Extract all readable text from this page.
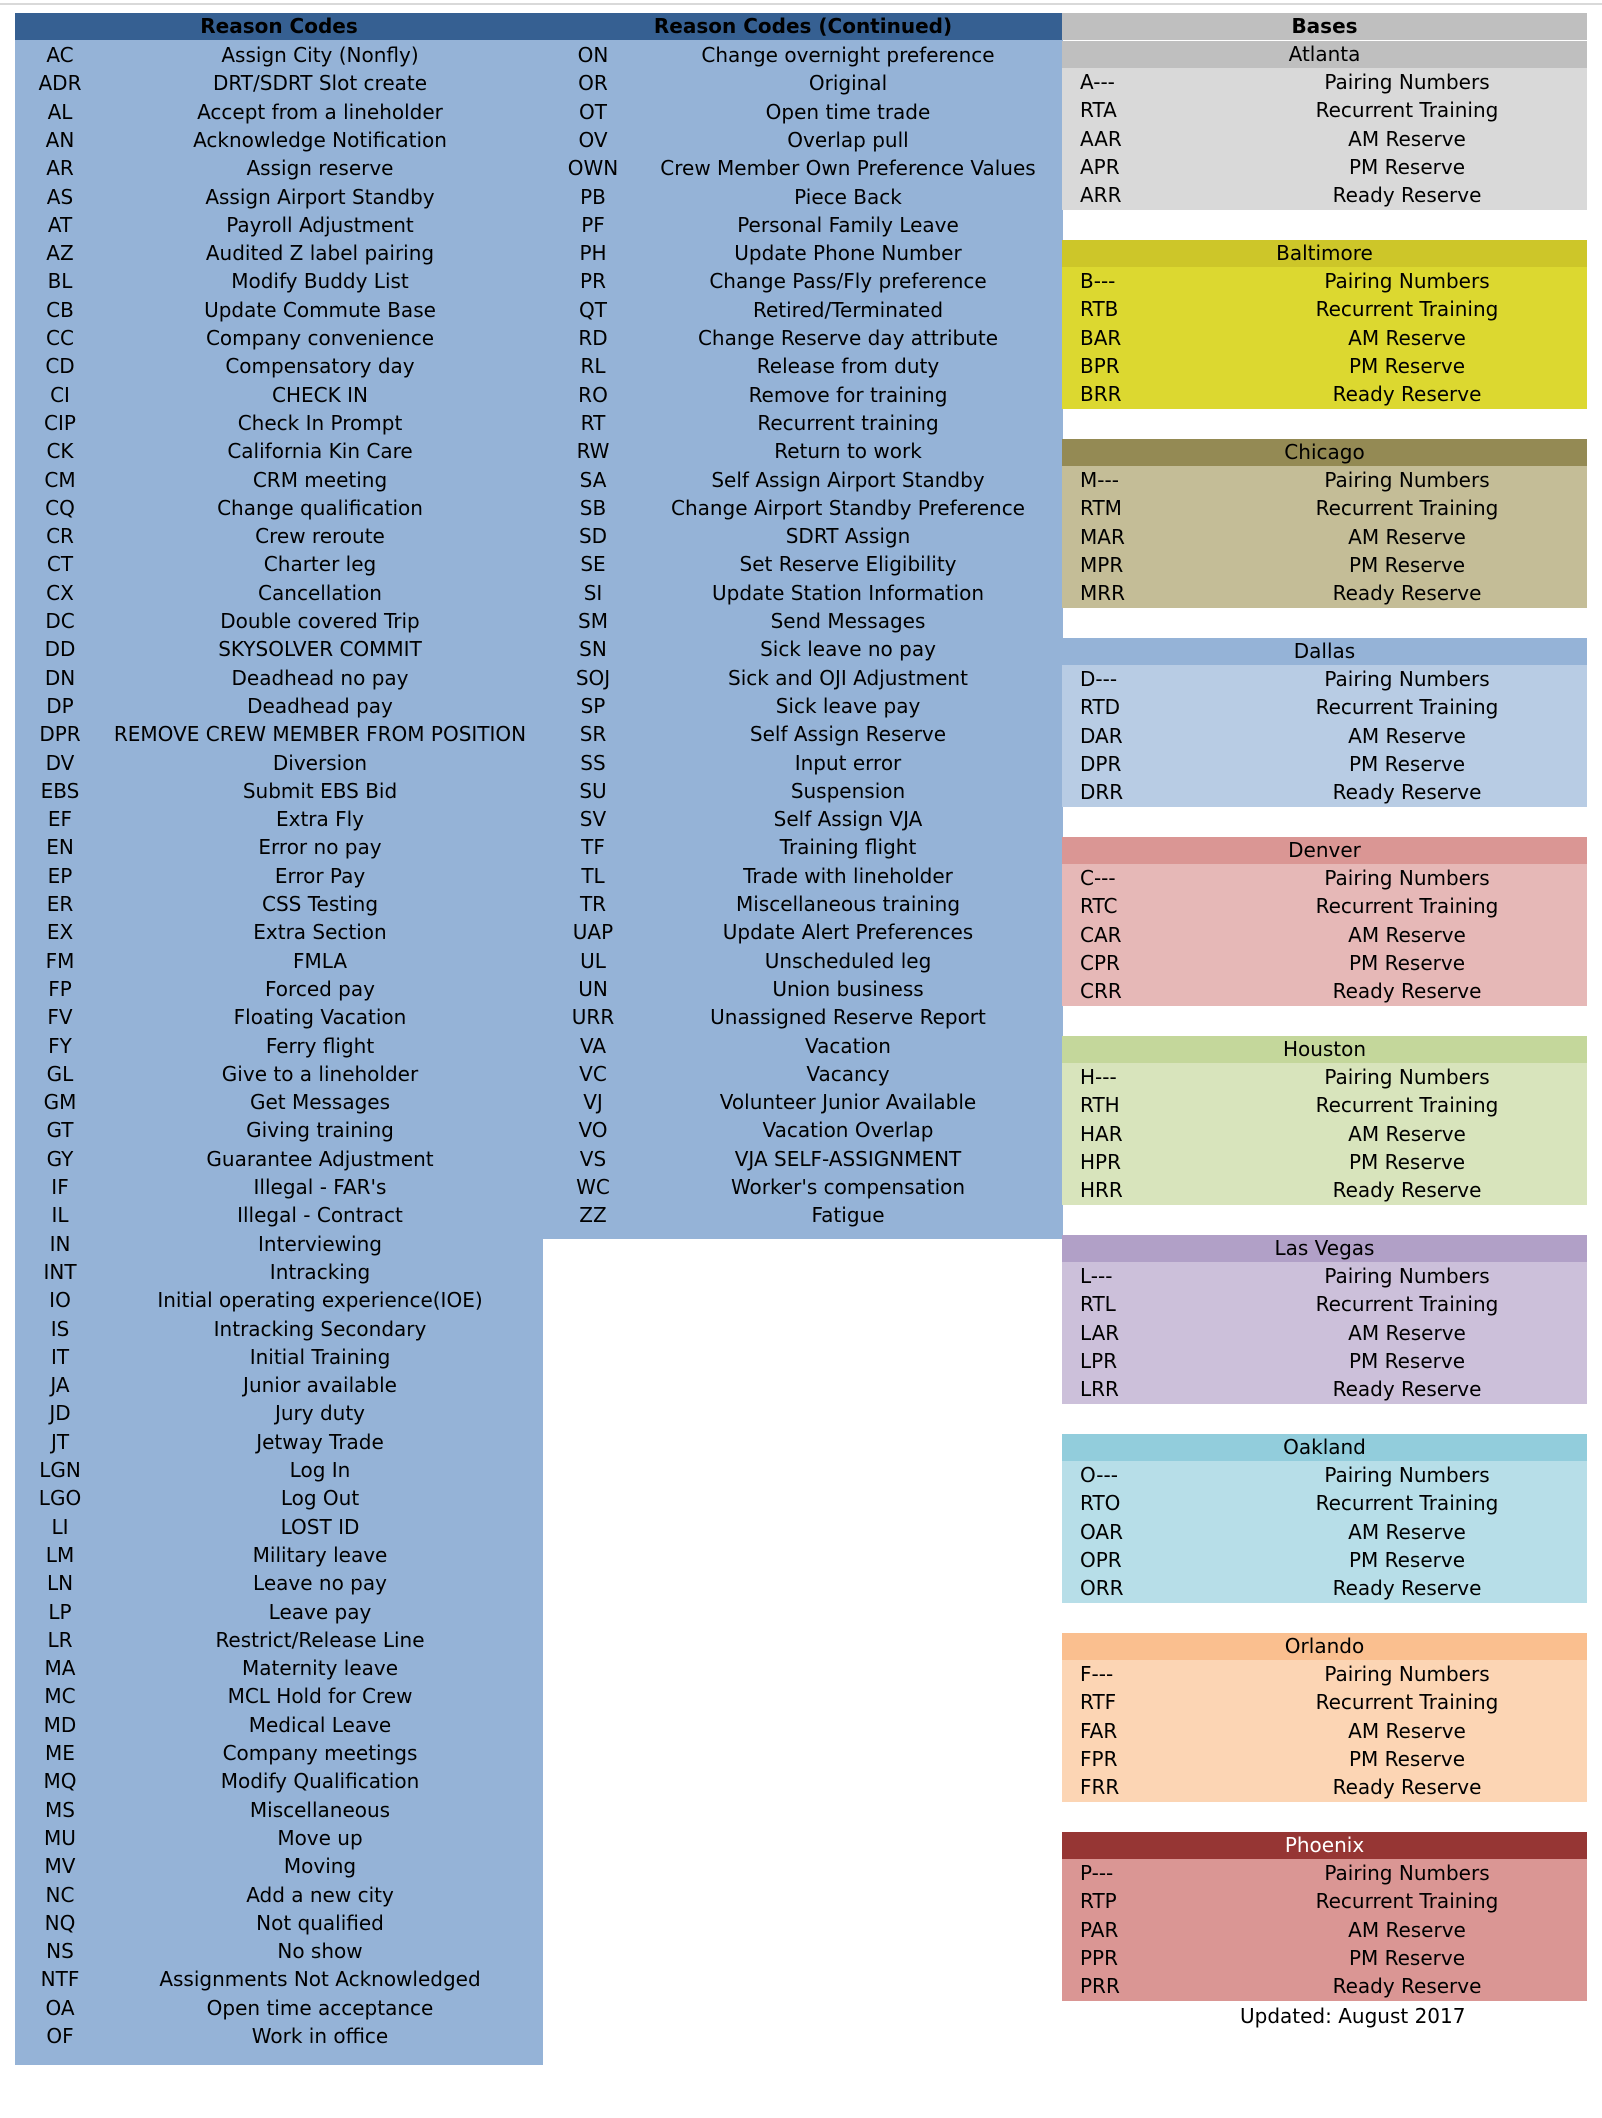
Reason Codes
AC	Assign City (Nonfly)
ADR	DRT/SDRT Slot create
AL	Accept from a lineholder
AN	Acknowledge Notification
AR	Assign reserve
AS	Assign Airport Standby
AT	Payroll Adjustment
AZ	Audited Z label pairing
BL	Modify Buddy List
CB	Update Commute Base
CC	Company convenience
CD	Compensatory day
CI	CHECK IN
CIP	Check In Prompt
CK	California Kin Care
CM	CRM meeting
CQ	Change qualification
CR	Crew reroute
CT	Charter leg
CX	Cancellation
DC	Double covered Trip
DD	SKYSOLVER COMMIT
DN	Deadhead no pay
DP	Deadhead pay
DPR	REMOVE CREW MEMBER FROM POSITION
DV	Diversion
EBS	Submit EBS Bid
EF	Extra Fly
EN	Error no pay
EP	Error Pay
ER	CSS Testing
EX	Extra Section
FM	FMLA
FP	Forced pay
FV	Floating Vacation
FY	Ferry flight
GL	Give to a lineholder
GM	Get Messages
GT	Giving training
GY	Guarantee Adjustment
IF	Illegal - FAR's
IL	Illegal - Contract
IN	Interviewing
INT	Intracking
IO	Initial operating experience(IOE)
IS	Intracking Secondary
IT	Initial Training
JA	Junior available
JD	Jury duty
JT	Jetway Trade
LGN	Log In
LGO	Log Out
LI	LOST ID
LM	Military leave
LN	Leave no pay
LP	Leave pay
LR	Restrict/Release Line
MA	Maternity leave
MC	MCL Hold for Crew
MD	Medical Leave
ME	Company meetings
MQ	Modify Qualification
MS	Miscellaneous
MU	Move up
MV	Moving
NC	Add a new city
NQ	Not qualified
NS	No show
NTF	Assignments Not Acknowledged
OA	Open time acceptance
OF	Work in office
Reason Codes (Continued)
ON	Change overnight preference
OR	Original
OT	Open time trade
OV	Overlap pull
OWN	Crew Member Own Preference Values
PB	Piece Back
PF	Personal Family Leave
PH	Update Phone Number
PR	Change Pass/Fly preference
QT	Retired/Terminated
RD	Change Reserve day attribute
RL	Release from duty
RO	Remove for training
RT	Recurrent training
RW	Return to work
SA	Self Assign Airport Standby
SB	Change Airport Standby Preference
SD	SDRT Assign
SE	Set Reserve Eligibility
SI	Update Station Information
SM	Send Messages
SN	Sick leave no pay
SOJ	Sick and OJI Adjustment
SP	Sick leave pay
SR	Self Assign Reserve
SS	Input error
SU	Suspension
SV	Self Assign VJA
TF	Training flight
TL	Trade with lineholder
TR	Miscellaneous training
UAP	Update Alert Preferences
UL	Unscheduled leg
UN	Union business
URR	Unassigned Reserve Report
VA	Vacation
VC	Vacancy
VJ	Volunteer Junior Available
VO	Vacation Overlap
VS	VJA SELF-ASSIGNMENT
WC	Worker's compensation
ZZ	Fatigue
Bases
Atlanta
A---	Pairing Numbers
RTA	Recurrent Training
AAR	AM Reserve
APR	PM Reserve
ARR	Ready Reserve
Baltimore
B---	Pairing Numbers
RTB	Recurrent Training
BAR	AM Reserve
BPR	PM Reserve
BRR	Ready Reserve
Chicago
M---	Pairing Numbers
RTM	Recurrent Training
MAR	AM Reserve
MPR	PM Reserve
MRR	Ready Reserve
Dallas
D---	Pairing Numbers
RTD	Recurrent Training
DAR	AM Reserve
DPR	PM Reserve
DRR	Ready Reserve
Denver
C---	Pairing Numbers
RTC	Recurrent Training
CAR	AM Reserve
CPR	PM Reserve
CRR	Ready Reserve
Houston
H---	Pairing Numbers
RTH	Recurrent Training
HAR	AM Reserve
HPR	PM Reserve
HRR	Ready Reserve
Las Vegas
L---	Pairing Numbers
RTL	Recurrent Training
LAR	AM Reserve
LPR	PM Reserve
LRR	Ready Reserve
Oakland
O---	Pairing Numbers
RTO	Recurrent Training
OAR	AM Reserve
OPR	PM Reserve
ORR	Ready Reserve
Orlando
F---	Pairing Numbers
RTF	Recurrent Training
FAR	AM Reserve
FPR	PM Reserve
FRR	Ready Reserve
Phoenix
P---	Pairing Numbers
RTP	Recurrent Training
PAR	AM Reserve
PPR	PM Reserve
PRR	Ready Reserve
Updated: August 2017
